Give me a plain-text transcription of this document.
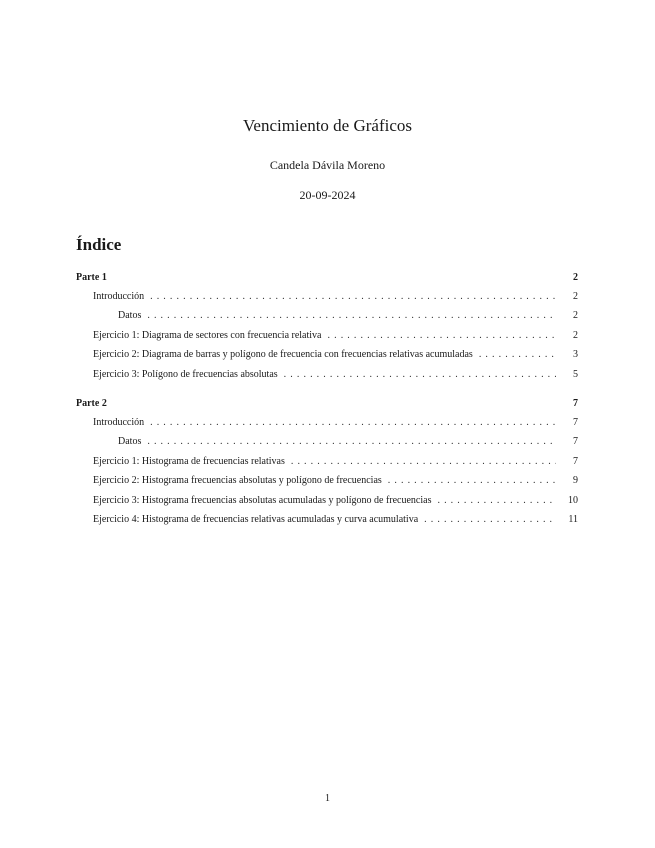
Vencimiento de Gráficos
Candela Dávila Moreno
20-09-2024
Índice
Parte 1	2
Introducción . . .	2
Datos . . .	2
Ejercicio 1: Diagrama de sectores con frecuencia relativa . . .	2
Ejercicio 2: Diagrama de barras y polígono de frecuencia con frecuencias relativas acumuladas . . .	3
Ejercicio 3: Polígono de frecuencias absolutas . . .	5
Parte 2	7
Introducción . . .	7
Datos . . .	7
Ejercicio 1: Histograma de frecuencias relativas . . .	7
Ejercicio 2: Histograma frecuencias absolutas y polígono de frecuencias . . .	9
Ejercicio 3: Histograma frecuencias absolutas acumuladas y polígono de frecuencias . . .	10
Ejercicio 4: Histograma de frecuencias relativas acumuladas y curva acumulativa . . .	11
1
